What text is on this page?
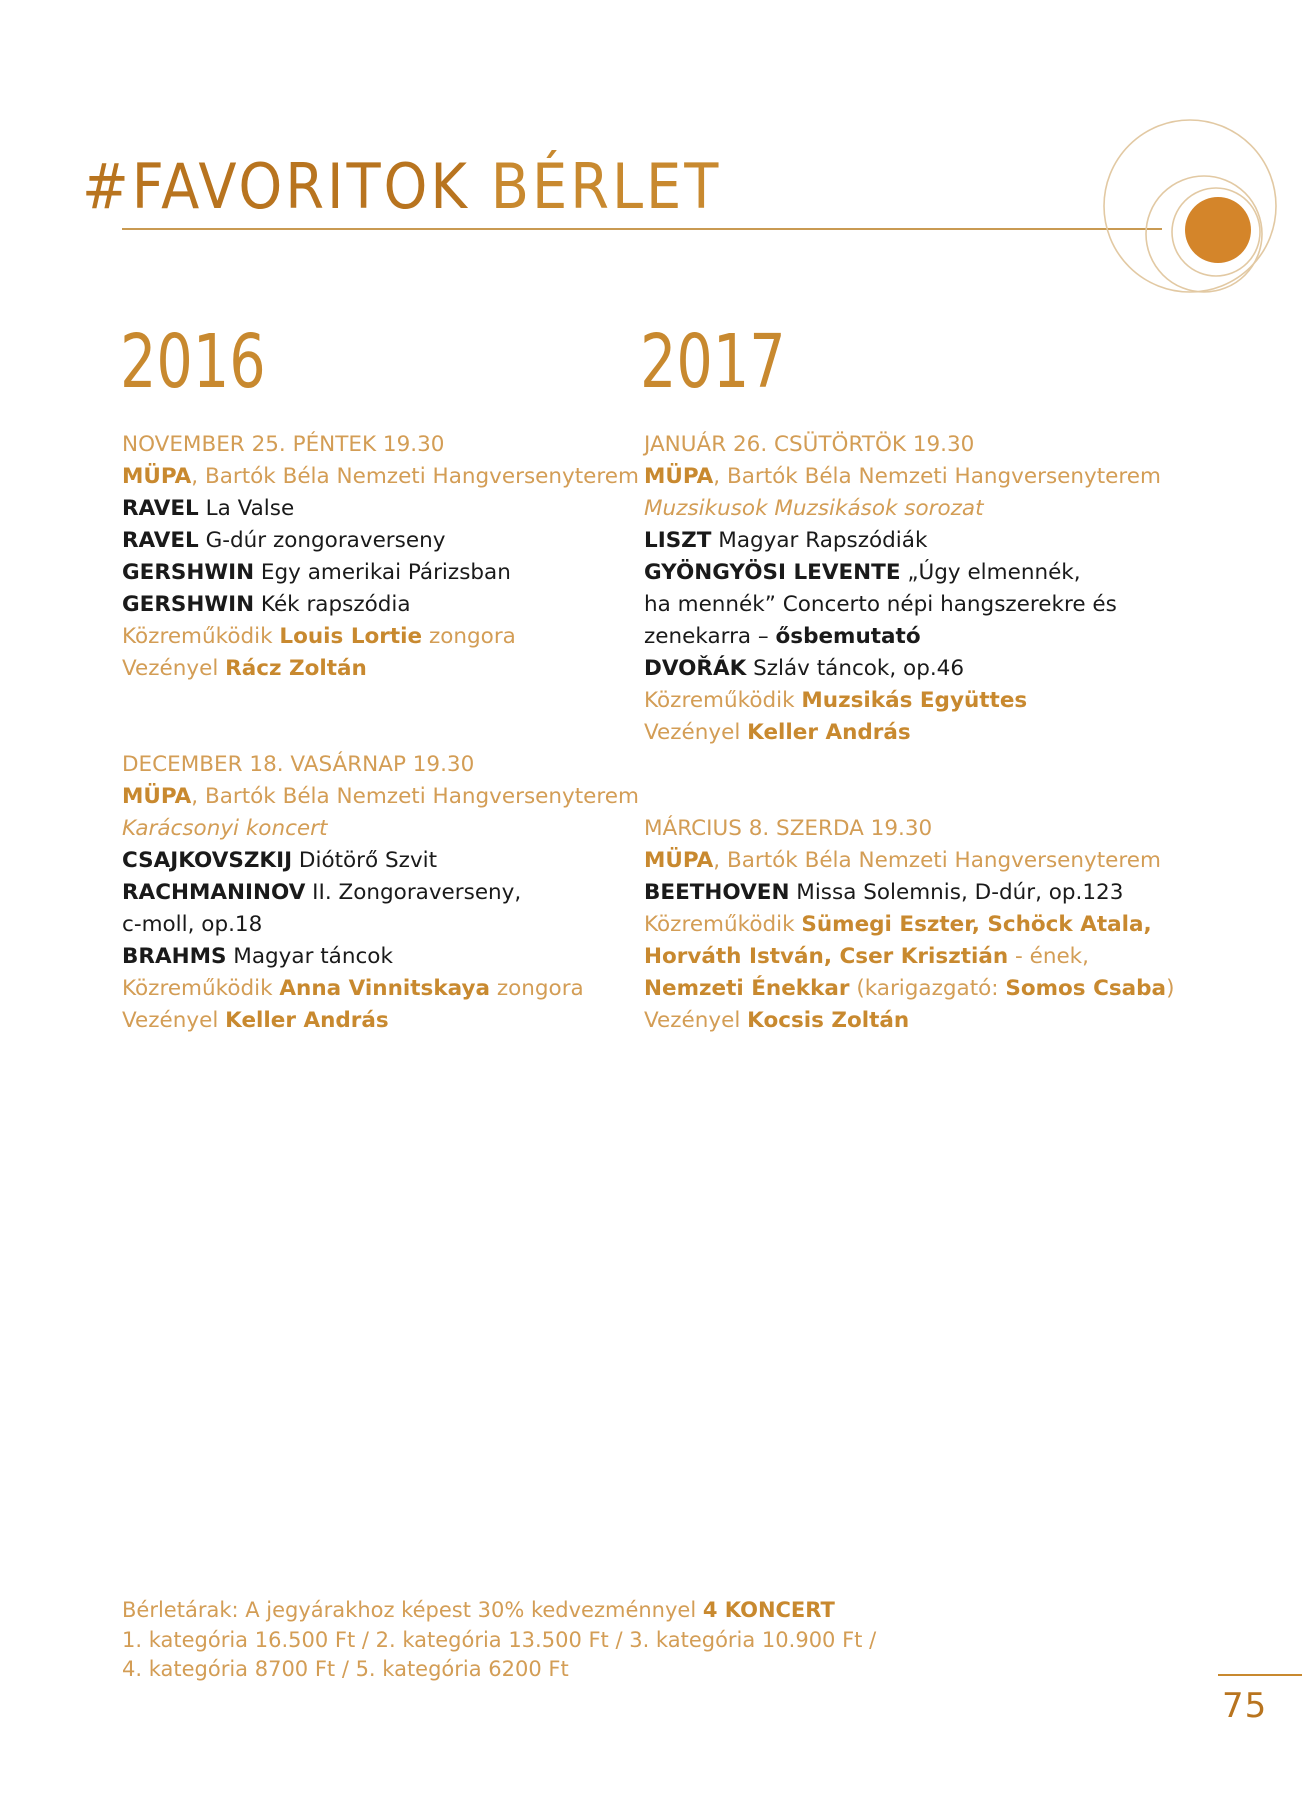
#FAVORITOK BÉRLET
2016	2017

NOVEMBER 25. PÉNTEK 19.30

MÜPA, Bartók Béla Nemzeti Hangversenyterem

RAVEL La Valse

RAVEL G-dúr zongoraverseny

GERSHWIN Egy amerikai Párizsban

GERSHWIN Kék rapszódia

Közreműködik Louis Lortie zongora

Vezényel Rácz Zoltán

DECEMBER 18. VASÁRNAP 19.30

MÜPA, Bartók Béla Nemzeti Hangversenyterem

Karácsonyi koncert

CSAJKOVSZKIJ Diótörő Szvit

RACHMANINOV II. Zongoraverseny,

c-moll, op.18

BRAHMS Magyar táncok

Közreműködik Anna Vinnitskaya zongora

Vezényel Keller András

JANUÁR 26. CSÜTÖRTÖK 19.30

MÜPA, Bartók Béla Nemzeti Hangversenyterem

Muzsikusok Muzsikások sorozat

LISZT Magyar Rapszódiák

GYÖNGYÖSI LEVENTE „Úgy elmennék,

ha mennék” Concerto népi hangszerekre és

zenekarra – ősbemutató

DVOŘÁK Szláv táncok, op.46

Közreműködik Muzsikás Együttes

Vezényel Keller András

MÁRCIUS 8. SZERDA 19.30

MÜPA, Bartók Béla Nemzeti Hangversenyterem

BEETHOVEN Missa Solemnis, D-dúr, op.123

Közreműködik Sümegi Eszter, Schöck Atala,

Horváth István, Cser Krisztián - ének,

Nemzeti Énekkar (karigazgató: Somos Csaba)

Vezényel Kocsis Zoltán

Bérletárak: A jegyárakhoz képest 30% kedvezménnyel 4 KONCERT

1. kategória 16.500 Ft / 2. kategória 13.500 Ft / 3. kategória 10.900 Ft /

4. kategória 8700 Ft / 5. kategória 6200 Ft

75
